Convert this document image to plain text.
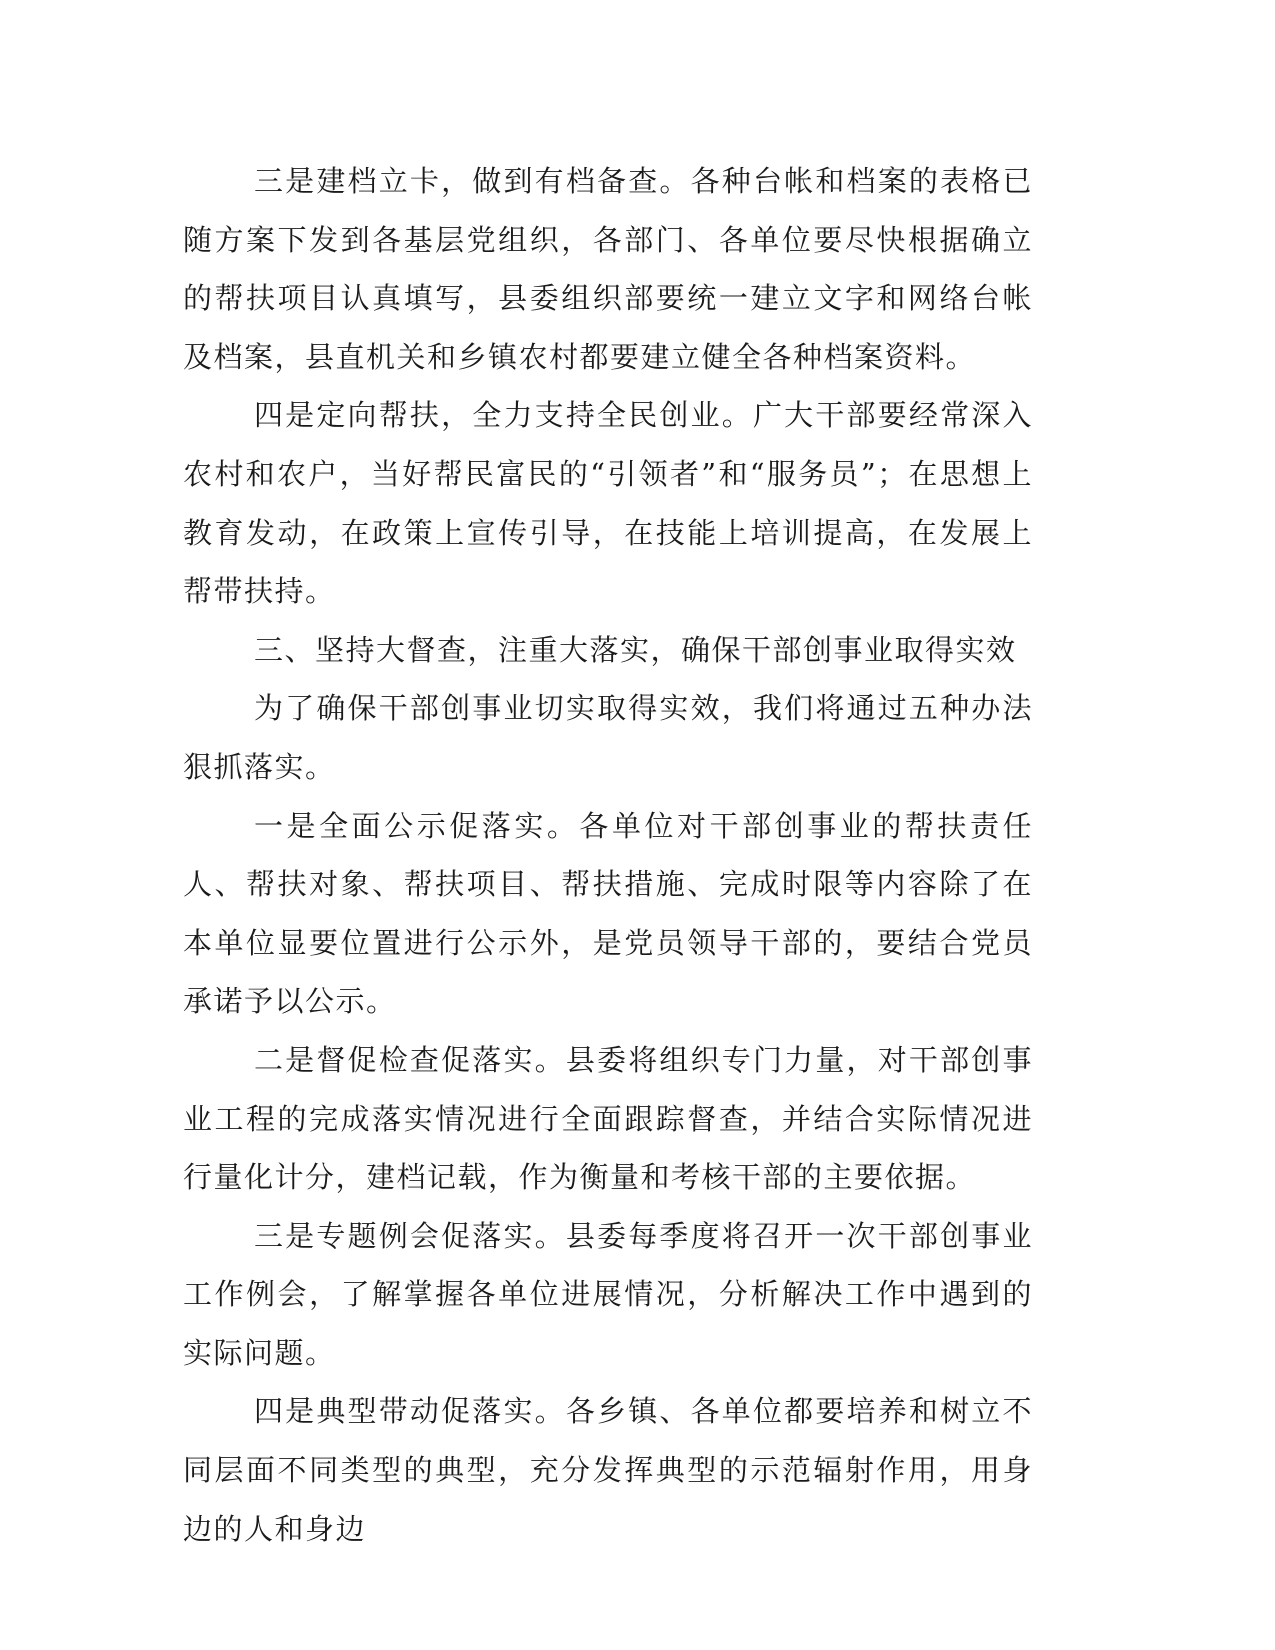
三是建档立卡，做到有档备查。各种台帐和档案的表格已随方案下发到各基层党组织，各部门、各单位要尽快根据确立的帮扶项目认真填写，县委组织部要统一建立文字和网络台帐及档案，县直机关和乡镇农村都要建立健全各种档案资料。

四是定向帮扶，全力支持全民创业。广大干部要经常深入农村和农户，当好帮民富民的“引领者”和“服务员”；在思想上教育发动，在政策上宣传引导，在技能上培训提高，在发展上帮带扶持。

三、坚持大督查，注重大落实，确保干部创事业取得实效

为了确保干部创事业切实取得实效，我们将通过五种办法狠抓落实。

一是全面公示促落实。各单位对干部创事业的帮扶责任人、帮扶对象、帮扶项目、帮扶措施、完成时限等内容除了在本单位显要位置进行公示外，是党员领导干部的，要结合党员承诺予以公示。

二是督促检查促落实。县委将组织专门力量，对干部创事业工程的完成落实情况进行全面跟踪督查，并结合实际情况进行量化计分，建档记载，作为衡量和考核干部的主要依据。

三是专题例会促落实。县委每季度将召开一次干部创事业工作例会，了解掌握各单位进展情况，分析解决工作中遇到的实际问题。

四是典型带动促落实。各乡镇、各单位都要培养和树立不同层面不同类型的典型，充分发挥典型的示范辐射作用，用身边的人和身边
